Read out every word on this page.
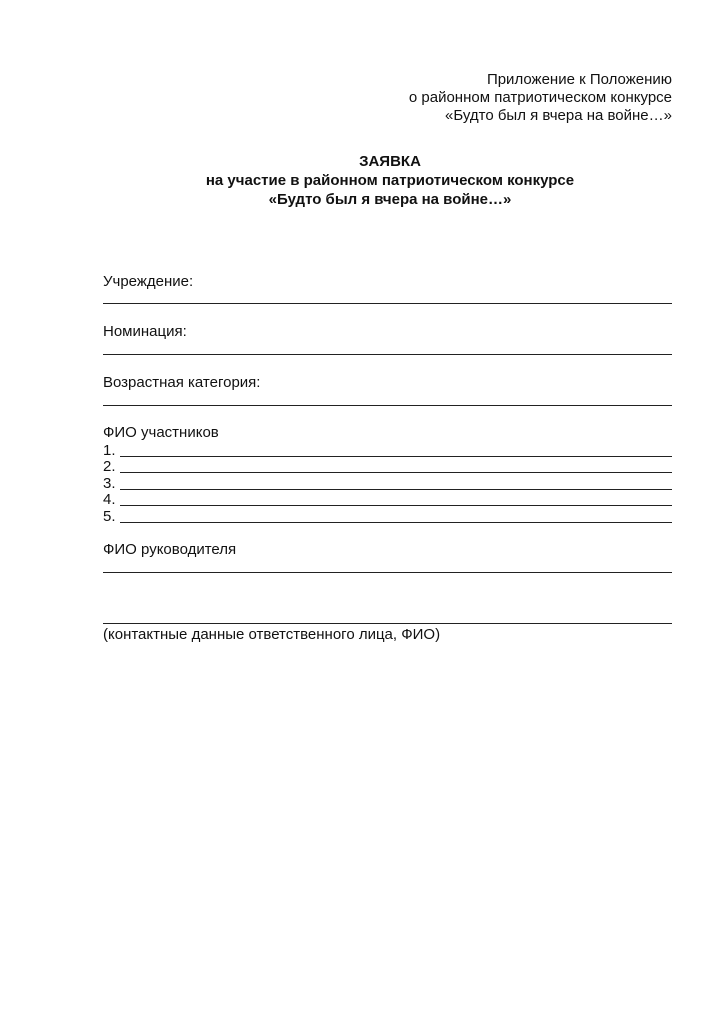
Приложение к Положению
о районном патриотическом конкурсе
«Будто был я вчера на войне…»
ЗАЯВКА
на участие в районном патриотическом конкурсе
«Будто был я вчера на войне…»
Учреждение:
Номинация:
Возрастная категория:
ФИО участников
1.
2.
3.
4.
5.
ФИО руководителя
(контактные данные ответственного лица, ФИО)
